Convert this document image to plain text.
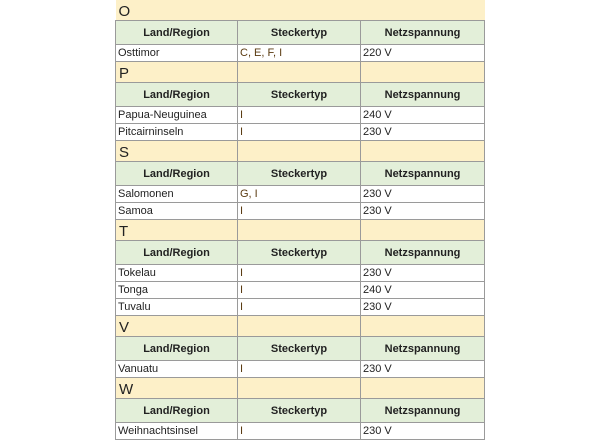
O		
Land/Region	Steckertyp	Netzspannung
Osttimor	C, E, F, I	220 V
P		
Land/Region	Steckertyp	Netzspannung
Papua-Neuguinea	I	240 V
Pitcairninseln	I	230 V
S		
Land/Region	Steckertyp	Netzspannung
Salomonen	G, I	230 V
Samoa	I	230 V
T		
Land/Region	Steckertyp	Netzspannung
Tokelau	I	230 V
Tonga	I	240 V
Tuvalu	I	230 V
V		
Land/Region	Steckertyp	Netzspannung
Vanuatu	I	230 V
W		
Land/Region	Steckertyp	Netzspannung
Weihnachtsinsel	I	230 V
